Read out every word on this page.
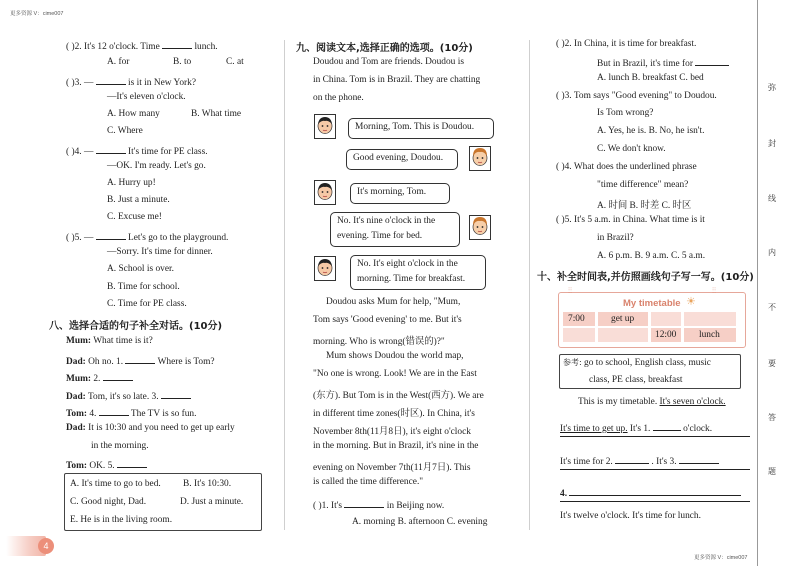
更多资源 V：cime007
更多资源 V：cime007
4
弥
封
线
内
不
要
答
题
( )2. It's 12 o'clock. Time	lunch.
A. for	B. to	C. at
( )3. —	is it in New York?
—It's eleven o'clock.
A. How many	B. What time
C. Where
( )4. —	It's time for PE class.
—OK. I'm ready. Let's go.
A. Hurry up!
B. Just a minute.
C. Excuse me!
( )5. —	Let's go to the playground.
—Sorry. It's time for dinner.
A. School is over.
B. Time for school.
C. Time for PE class.
八、选择合适的句子补全对话。(10分)
Mum: What time is it?
Dad: Oh no. 1.	Where is Tom?
Mum: 2.
Dad: Tom, it's so late. 3.
Tom: 4.	The TV is so fun.
Dad: It is 10:30 and you need to get up early
in the morning.
Tom: OK. 5.
A. It's time to go to bed. B. It's 10:30.
C. Good night, Dad.	D. Just a minute.
E. He is in the living room.
九、阅读文本,选择正确的选项。(10分)
Doudou and Tom are friends. Doudou is
in China. Tom is in Brazil. They are chatting
on the phone.
Morning, Tom. This is Doudou.
Good evening, Doudou.
It's morning, Tom.
No. It's nine o'clock in the
evening. Time for bed.
No. It's eight o'clock in the
morning. Time for breakfast.
Doudou asks Mum for help, "Mum,
Tom says 'Good evening' to me. But it's
morning. Who is wrong(错误的)?"
Mum shows Doudou the world map,
"No one is wrong. Look! We are in the East
(东方). But Tom is in the West(西方). We are
in different time zones(时区). In China, it's
November 8th(11月8日), it's eight o'clock
in the morning. But in Brazil, it's nine in the
evening on November 7th(11月7日). This
is called the time difference."
( )1. It's	in Beijing now.
A. morning B. afternoon C. evening
( )2. In China, it is time for breakfast.
But in Brazil, it's time for
A. lunch B. breakfast C. bed
( )3. Tom says "Good evening" to Doudou.
Is Tom wrong?
A. Yes, he is. B. No, he isn't.
C. We don't know.
( )4. What does the underlined phrase
"time difference" mean?
A. 时间 B. 时差 C. 时区
( )5. It's 5 a.m. in China. What time is it
in Brazil?
A. 6 p.m. B. 9 a.m. C. 5 a.m.
十、补全时间表,并仿照画线句子写一写。(10分)
⫶⫶	⫶⫶
My timetable ☀
7:00	get up
12:00 lunch
参考: go to school, English class, music
class, PE class, breakfast
This is my timetable. It's seven o'clock.
It's time to get up. It's 1.	o'clock.
It's time for 2.	. It's 3.
4.
It's twelve o'clock. It's time for lunch.
